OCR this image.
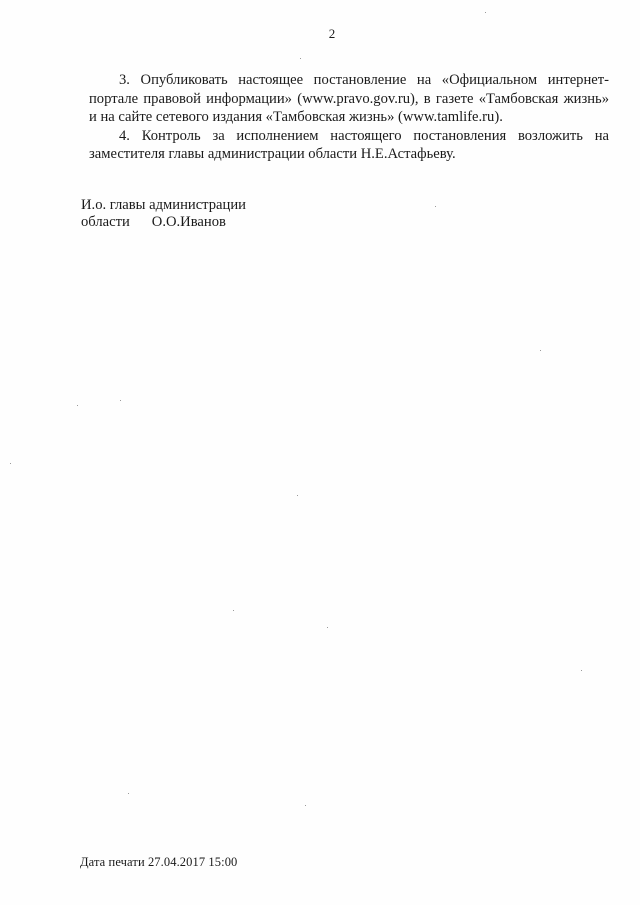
2

3. Опубликовать настоящее постановление на «Официальном интернет-портале правовой информации» (www.pravo.gov.ru), в газете «Тамбовская жизнь» и на сайте сетевого издания «Тамбовская жизнь» (www.tamlife.ru).

4. Контроль за исполнением настоящего постановления возложить на заместителя главы администрации области Н.Е.Астафьеву.

И.о. главы администрации
области О.О.Иванов
Дата печати 27.04.2017 15:00
